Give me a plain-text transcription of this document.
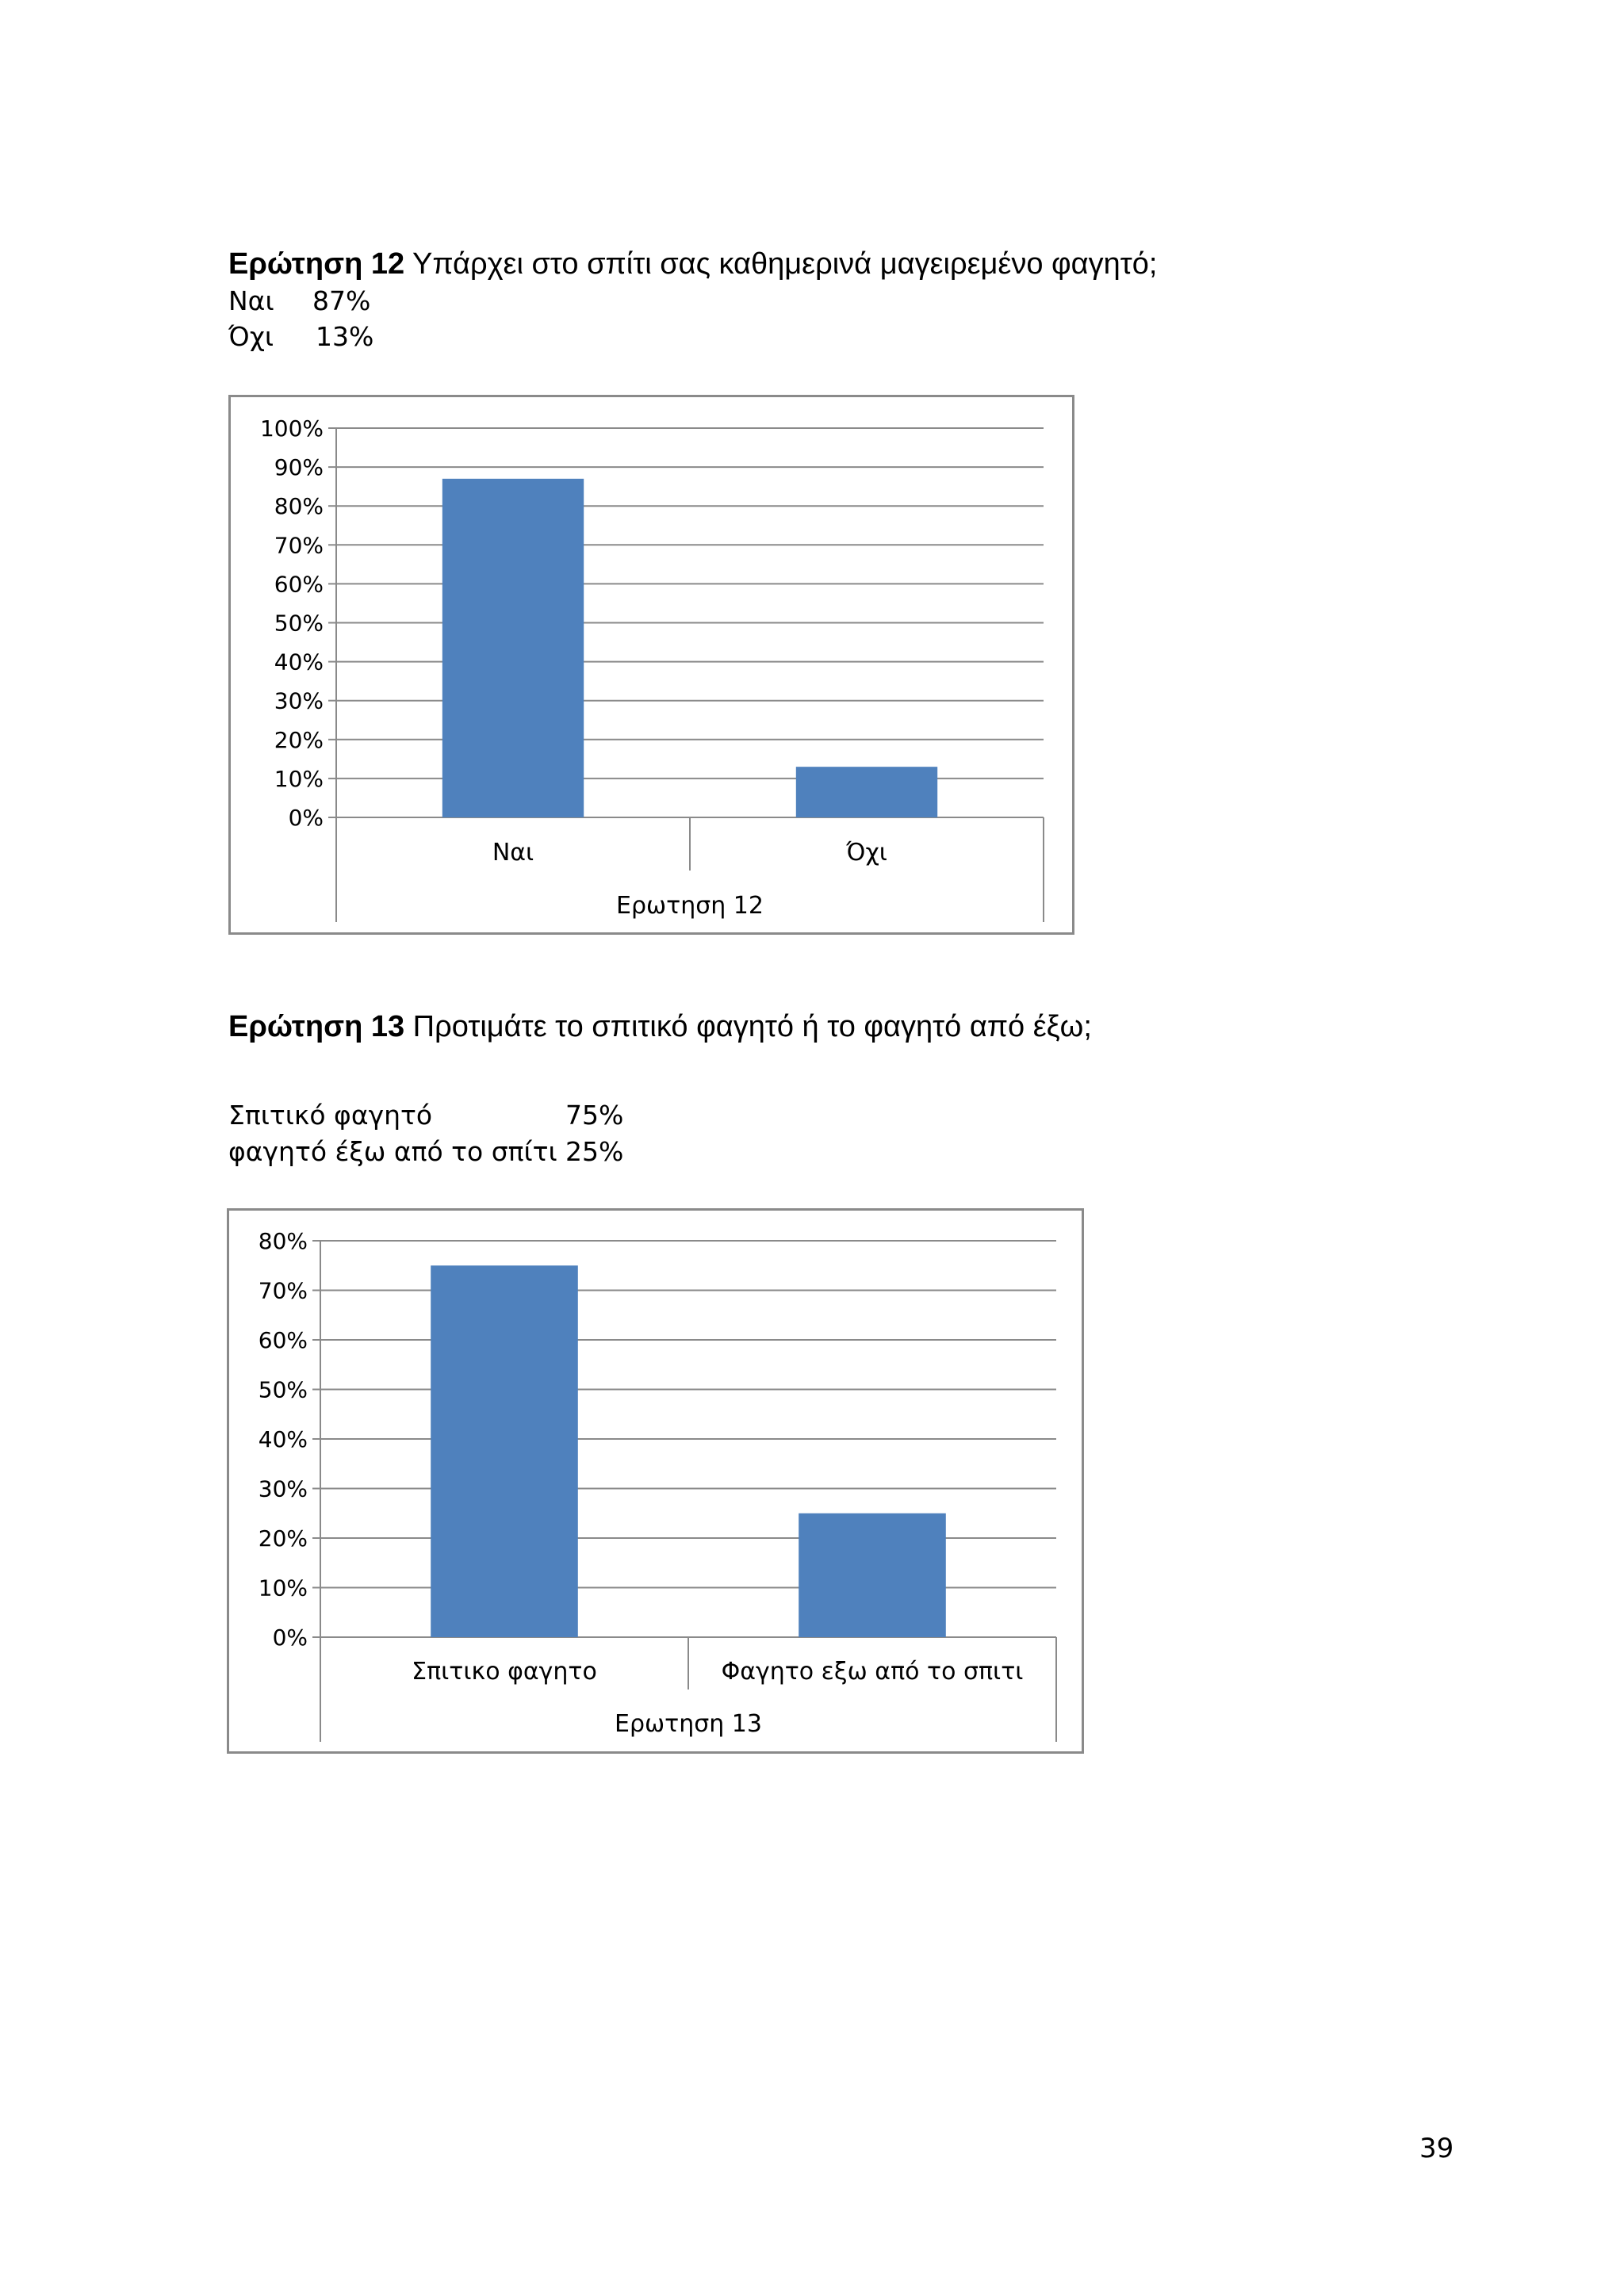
Ερώτηση 12 Υπάρχει στο σπίτι σας καθημερινά μαγειρεμένο φαγητό;
Ναι 87%
Όχι 13%
0%
10%
20%
30%
40%
50%
60%
70%
80%
90%
100%
Ναι	Όχι
Ερωτηση 12
Ερώτηση 13 Προτιμάτε το σπιτικό φαγητό ή το φαγητό από έξω;
Σπιτικό φαγητό	75%
φαγητό έξω από το σπίτι 25%
0%
10%
20%
30%
40%
50%
60%
70%
80%
Σπιτικο φαγητο	Φαγητο εξω από το σπιτι
Ερωτηση 13
39
